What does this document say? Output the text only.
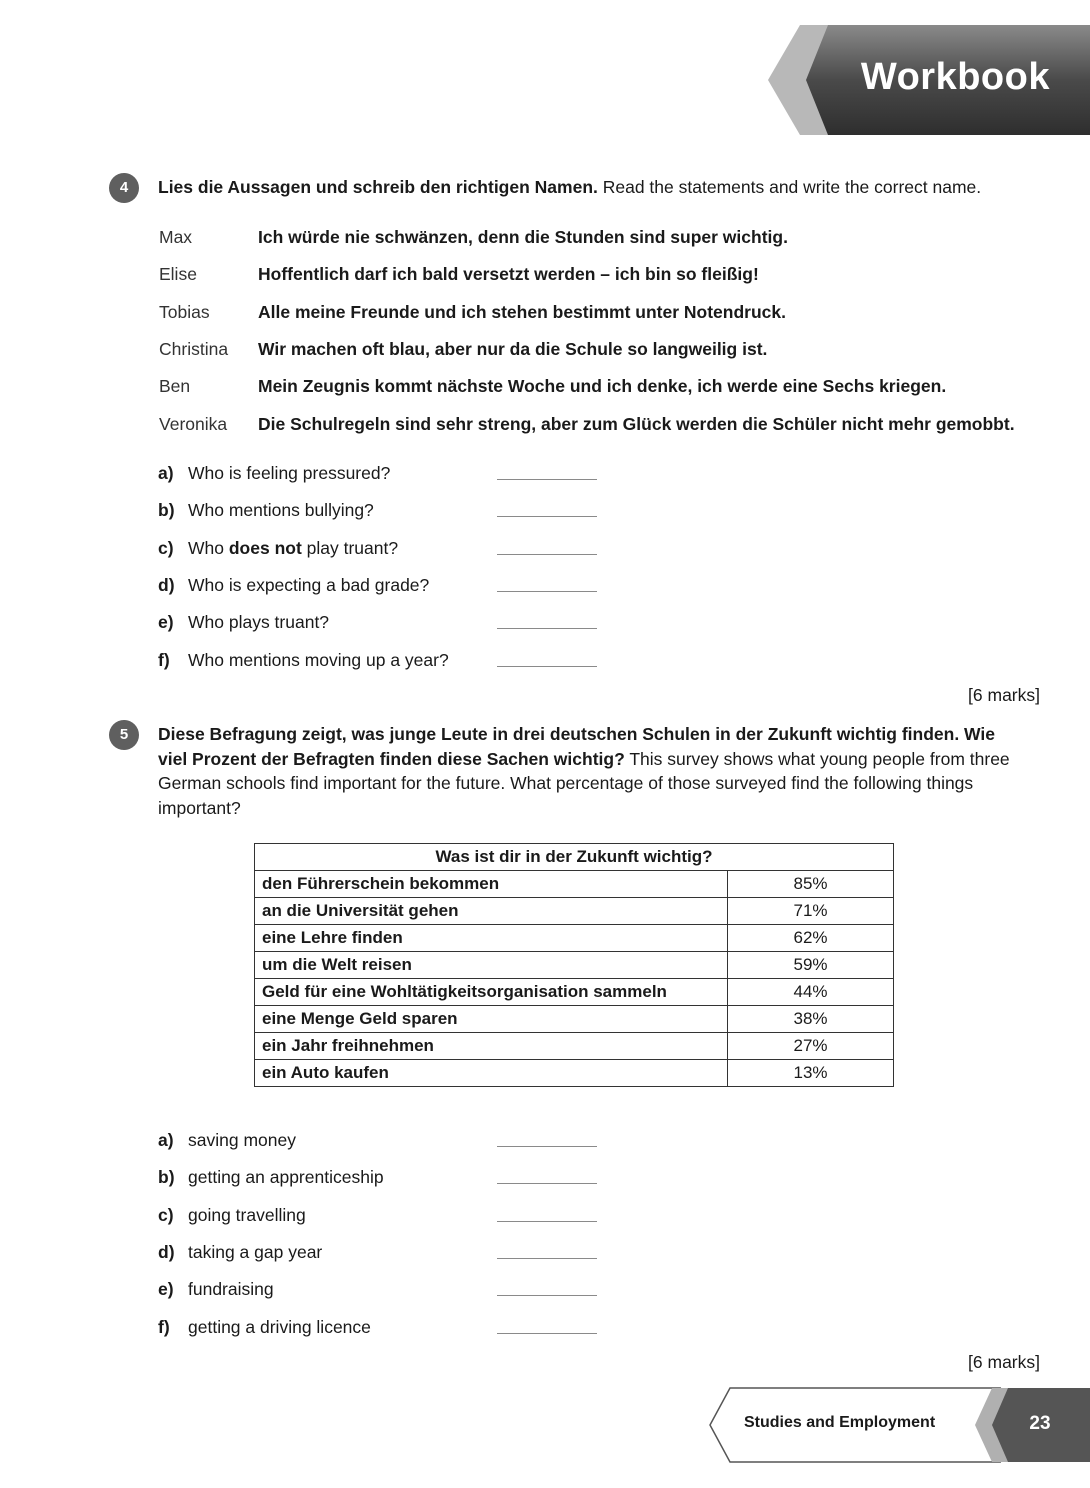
Workbook
4	Lies die Aussagen und schreib den richtigen Namen. Read the statements and write the correct name.
Max	Ich würde nie schwänzen, denn die Stunden sind super wichtig.
Elise	Hoffentlich darf ich bald versetzt werden – ich bin so fleißig!
Tobias	Alle meine Freunde und ich stehen bestimmt unter Notendruck.
Christina Wir machen oft blau, aber nur da die Schule so langweilig ist.
Ben	Mein Zeugnis kommt nächste Woche und ich denke, ich werde eine Sechs kriegen.
Veronika Die Schulregeln sind sehr streng, aber zum Glück werden die Schüler nicht mehr gemobbt.
a) Who is feeling pressured?
b) Who mentions bullying?
c) Who does not play truant?
d) Who is expecting a bad grade?
e) Who plays truant?
f) Who mentions moving up a year?
[6 marks]
5	Diese Befragung zeigt, was junge Leute in drei deutschen Schulen in der Zukunft wichtig finden. Wie viel Prozent der Befragten finden diese Sachen wichtig? This survey shows what young people from three German schools find important for the future. What percentage of those surveyed find the following things important?
Was ist dir in der Zukunft wichtig?	
den Führerschein bekommen	85%
an die Universität gehen	71%
eine Lehre finden	62%
um die Welt reisen	59%
Geld für eine Wohltätigkeitsorganisation sammeln	44%
eine Menge Geld sparen	38%
ein Jahr freihnehmen	27%
ein Auto kaufen	13%
a) saving money
b) getting an apprenticeship
c) going travelling
d) taking a gap year
e) fundraising
f) getting a driving licence
[6 marks]
Studies and Employment	23
